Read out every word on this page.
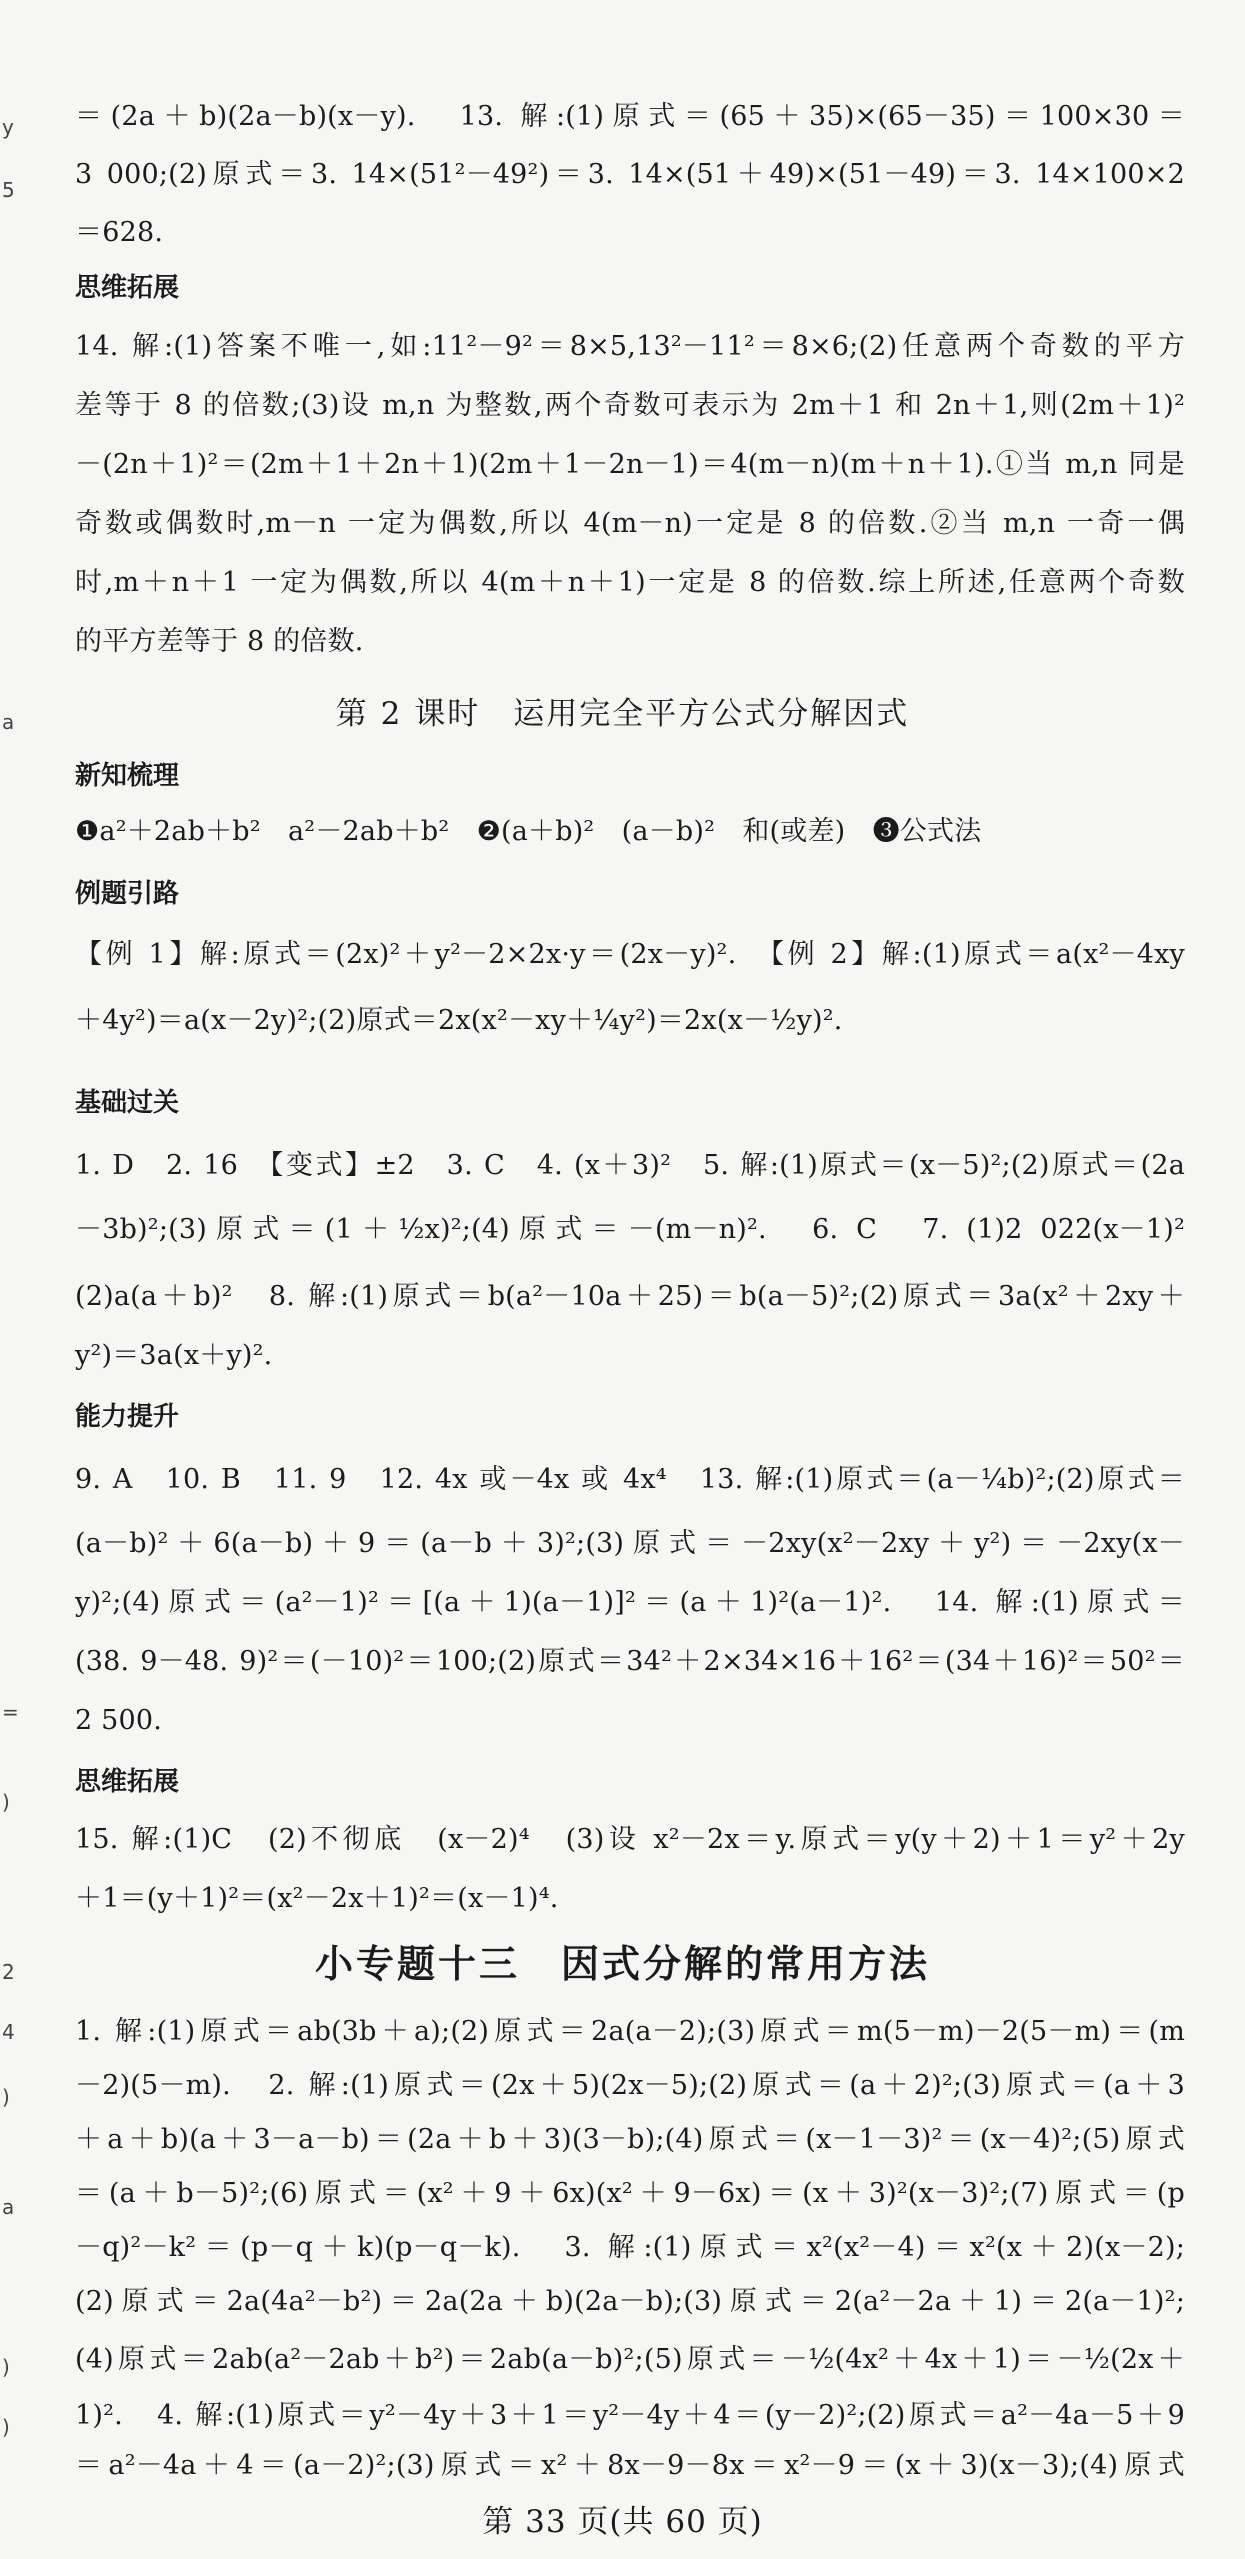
y
5
a
=
)
2
4
)
a
)
)
＝(2a＋b)(2a－b)(x－y).　13. 解:(1)原式＝(65＋35)×(65－35)＝100×30＝
3 000;(2)原式＝3. 14×(51²－49²)＝3. 14×(51＋49)×(51－49)＝3. 14×100×2
＝628.
思维拓展
14. 解:(1)答案不唯一,如:11²－9²＝8×5,13²－11²＝8×6;(2)任意两个奇数的平方
差等于 8 的倍数;(3)设 m,n 为整数,两个奇数可表示为 2m＋1 和 2n＋1,则(2m＋1)²
－(2n＋1)²＝(2m＋1＋2n＋1)(2m＋1－2n－1)＝4(m－n)(m＋n＋1).①当 m,n 同是
奇数或偶数时,m－n 一定为偶数,所以 4(m－n)一定是 8 的倍数.②当 m,n 一奇一偶
时,m＋n＋1 一定为偶数,所以 4(m＋n＋1)一定是 8 的倍数.综上所述,任意两个奇数
的平方差等于 8 的倍数.
第 2 课时　运用完全平方公式分解因式
新知梳理
❶a²＋2ab＋b²　a²－2ab＋b²　❷(a＋b)²　(a－b)²　和(或差)　❸公式法
例题引路
【例 1】解:原式＝(2x)²＋y²－2×2x·y＝(2x－y)².　【例 2】解:(1)原式＝a(x²－4xy
＋4y²)＝a(x－2y)²;(2)原式＝2x(x²－xy＋¼y²)＝2x(x－½y)².
基础过关
1. D　2. 16　【变式】±2　3. C　4. (x＋3)²　5. 解:(1)原式＝(x－5)²;(2)原式＝(2a
－3b)²;(3)原式＝(1＋½x)²;(4)原式＝－(m－n)².　6. C　7. (1)2 022(x－1)²
(2)a(a＋b)²　8. 解:(1)原式＝b(a²－10a＋25)＝b(a－5)²;(2)原式＝3a(x²＋2xy＋
y²)＝3a(x＋y)².
能力提升
9. A　10. B　11. 9　12. 4x 或－4x 或 4x⁴　13. 解:(1)原式＝(a－¼b)²;(2)原式＝
(a－b)²＋6(a－b)＋9＝(a－b＋3)²;(3)原式＝－2xy(x²－2xy＋y²)＝－2xy(x－
y)²;(4)原式＝(a²－1)²＝[(a＋1)(a－1)]²＝(a＋1)²(a－1)².　14. 解:(1)原式＝
(38. 9－48. 9)²＝(－10)²＝100;(2)原式＝34²＋2×34×16＋16²＝(34＋16)²＝50²＝
2 500.
思维拓展
15. 解:(1)C　(2)不彻底　(x－2)⁴　(3)设 x²－2x＝y.原式＝y(y＋2)＋1＝y²＋2y
＋1＝(y＋1)²＝(x²－2x＋1)²＝(x－1)⁴.
小专题十三　因式分解的常用方法
1. 解:(1)原式＝ab(3b＋a);(2)原式＝2a(a－2);(3)原式＝m(5－m)－2(5－m)＝(m
－2)(5－m).　2. 解:(1)原式＝(2x＋5)(2x－5);(2)原式＝(a＋2)²;(3)原式＝(a＋3
＋a＋b)(a＋3－a－b)＝(2a＋b＋3)(3－b);(4)原式＝(x－1－3)²＝(x－4)²;(5)原式
＝(a＋b－5)²;(6)原式＝(x²＋9＋6x)(x²＋9－6x)＝(x＋3)²(x－3)²;(7)原式＝(p
－q)²－k²＝(p－q＋k)(p－q－k).　3. 解:(1)原式＝x²(x²－4)＝x²(x＋2)(x－2);
(2)原式＝2a(4a²－b²)＝2a(2a＋b)(2a－b);(3)原式＝2(a²－2a＋1)＝2(a－1)²;
(4)原式＝2ab(a²－2ab＋b²)＝2ab(a－b)²;(5)原式＝－½(4x²＋4x＋1)＝－½(2x＋
1)².　4. 解:(1)原式＝y²－4y＋3＋1＝y²－4y＋4＝(y－2)²;(2)原式＝a²－4a－5＋9
＝a²－4a＋4＝(a－2)²;(3)原式＝x²＋8x－9－8x＝x²－9＝(x＋3)(x－3);(4)原式
第 33 页(共 60 页)
